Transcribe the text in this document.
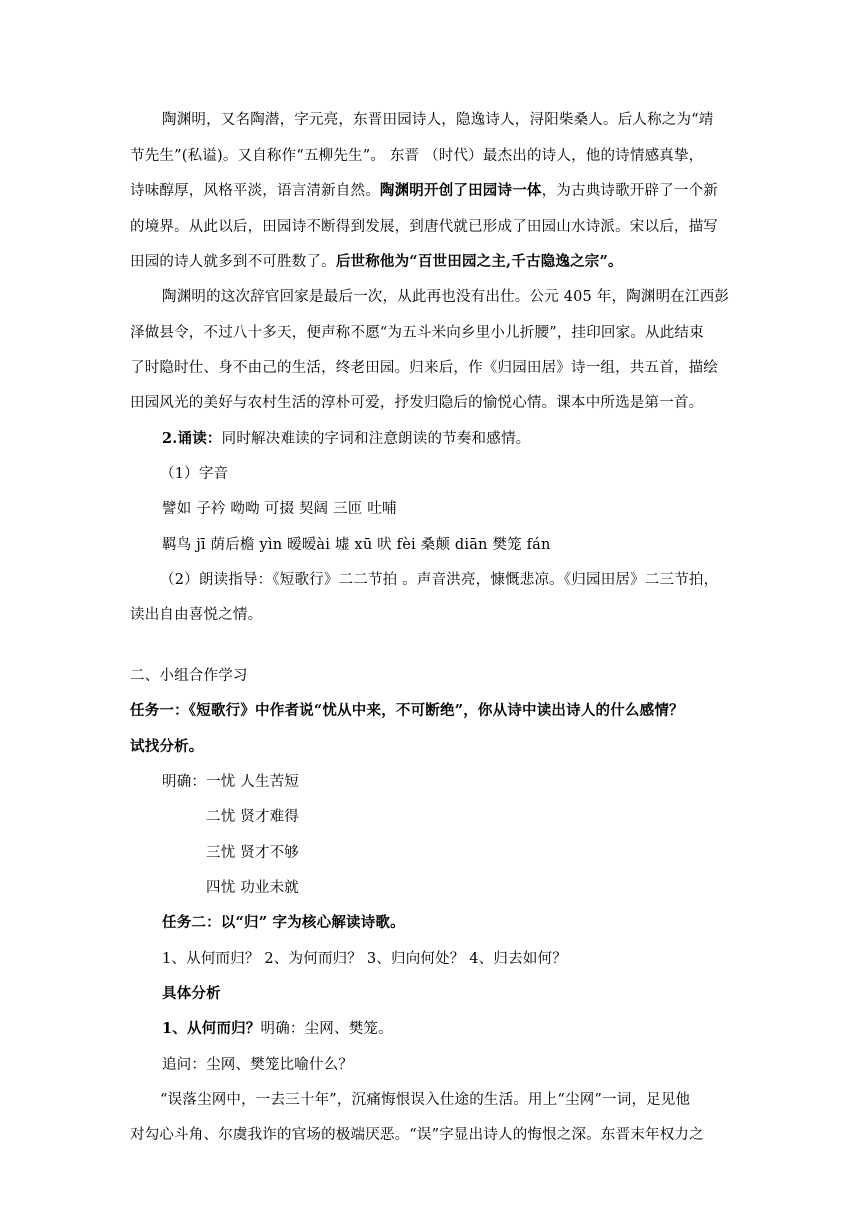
陶渊明，又名陶潜，字元亮，东晋田园诗人，隐逸诗人，浔阳柴桑人。后人称之为“靖
节先生”(私谥)。又自称作“五柳先生”。 东晋 （时代）最杰出的诗人，他的诗情感真挚，
诗味醇厚，风格平淡，语言清新自然。陶渊明开创了田园诗一体，为古典诗歌开辟了一个新
的境界。从此以后，田园诗不断得到发展，到唐代就已形成了田园山水诗派。宋以后，描写
田园的诗人就多到不可胜数了。后世称他为“百世田园之主,千古隐逸之宗”。
陶渊明的这次辞官回家是最后一次，从此再也没有出仕。公元 405 年，陶渊明在江西彭
泽做县令，不过八十多天，便声称不愿“为五斗米向乡里小儿折腰”，挂印回家。从此结束
了时隐时仕、身不由己的生活，终老田园。归来后，作《归园田居》诗一组，共五首，描绘
田园风光的美好与农村生活的淳朴可爱，抒发归隐后的愉悦心情。课本中所选是第一首。
2.诵读：同时解决难读的字词和注意朗读的节奏和感情。
（1）字音
譬如 子衿 呦呦 可掇 契阔 三匝 吐哺
羁鸟 jī 荫后檐 yìn 暧暧ài 墟 xū 吠 fèi 桑颠 diān 樊笼 fán
（2）朗读指导：《短歌行》二二节拍 。声音洪亮，慷慨悲凉。《归园田居》二三节拍，
读出自由喜悦之情。
二、小组合作学习
任务一：《短歌行》中作者说“忧从中来，不可断绝”，你从诗中读出诗人的什么感情？
试找分析。
明确：一忧 人生苦短
二忧 贤才难得
三忧 贤才不够
四忧 功业未就
任务二：以“归” 字为核心解读诗歌。
1、从何而归？ 2、为何而归？ 3、归向何处？ 4、归去如何？
具体分析
1、从何而归？明确：尘网、樊笼。
追问：尘网、樊笼比喻什么？
“误落尘网中，一去三十年”，沉痛悔恨误入仕途的生活。用上“尘网”一词，足见他
对勾心斗角、尔虞我诈的官场的极端厌恶。“误”字显出诗人的悔恨之深。东晋末年权力之
